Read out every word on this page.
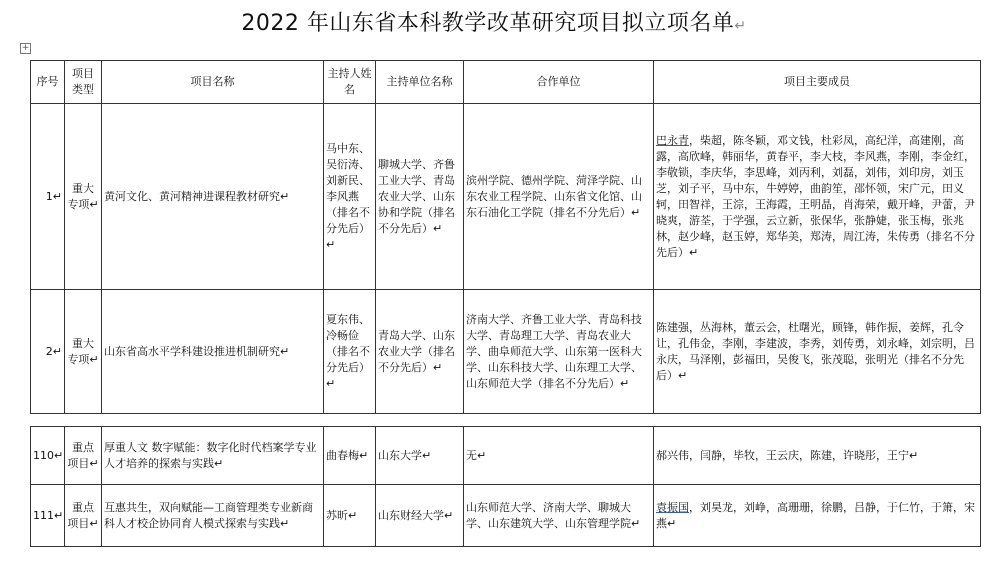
2022 年山东省本科教学改革研究项目拟立项名单↵
+
序号	项目类型	项目名称	主持人姓名	主持单位名称	合作单位	项目主要成员
1↵	重大专项↵	黄河文化、黄河精神进课程教材研究↵	马中东、吴衍涛、刘新民、李风燕（排名不分先后）↵	聊城大学、齐鲁工业大学、青岛农业大学、山东协和学院（排名不分先后）↵	滨州学院、德州学院、菏泽学院、山东农业工程学院、山东省文化馆、山东石油化工学院（排名不分先后）↵	巴永青，柴超，陈冬颖，邓文钱，杜彩凤，高纪洋，高建刚，高露，高欣峰，韩丽华，黄春平，李大枝，李风燕，李刚，李金红，李敬锁，李庆华，李思峰，刘丙利，刘磊，刘伟，刘印房，刘玉芝，刘子平，马中东，牛婷婷，曲韵笙，邵怀领，宋广元，田义轲，田智祥，王淙，王海霞，王明晶，肖海荣，戴开峰，尹蕾，尹晓爽，游荃，于学强，云立新，张保华，张静婕，张玉梅，张兆林，赵少峰，赵玉婷，郑华美，郑涛，周江涛，朱传勇（排名不分先后）↵
2↵	重大专项↵	山东省高水平学科建设推进机制研究↵	夏东伟、冷畅俭（排名不分先后）↵	青岛大学、山东农业大学（排名不分先后）↵	济南大学、齐鲁工业大学、青岛科技大学、青岛理工大学、青岛农业大学、曲阜师范大学、山东第一医科大学、山东科技大学、山东理工大学、山东师范大学（排名不分先后）↵	陈建强，丛海林，董云会，杜曙光，顾锋，韩作振，姜辉，孔令让，孔伟金，李刚，李建波，李秀，刘传勇，刘永峰，刘宗明，吕永庆，马泽刚，彭福田，吴俊飞，张茂聪，张明光（排名不分先后）↵

110↵	重点项目↵	厚重人文 数字赋能：数字化时代档案学专业人才培养的探索与实践↵	曲春梅↵	山东大学↵	无↵	郝兴伟，闫静，毕牧，王云庆，陈建，许晓彤，王宁↵
111↵	重点项目↵	互惠共生，双向赋能—工商管理类专业新商科人才校企协同育人模式探索与实践↵	苏昕↵	山东财经大学↵	山东师范大学、济南大学、聊城大学、山东建筑大学、山东管理学院↵	袁振国，刘昊龙，刘峥，高珊珊，徐鹏，吕静，于仁竹，于箫，宋燕↵
